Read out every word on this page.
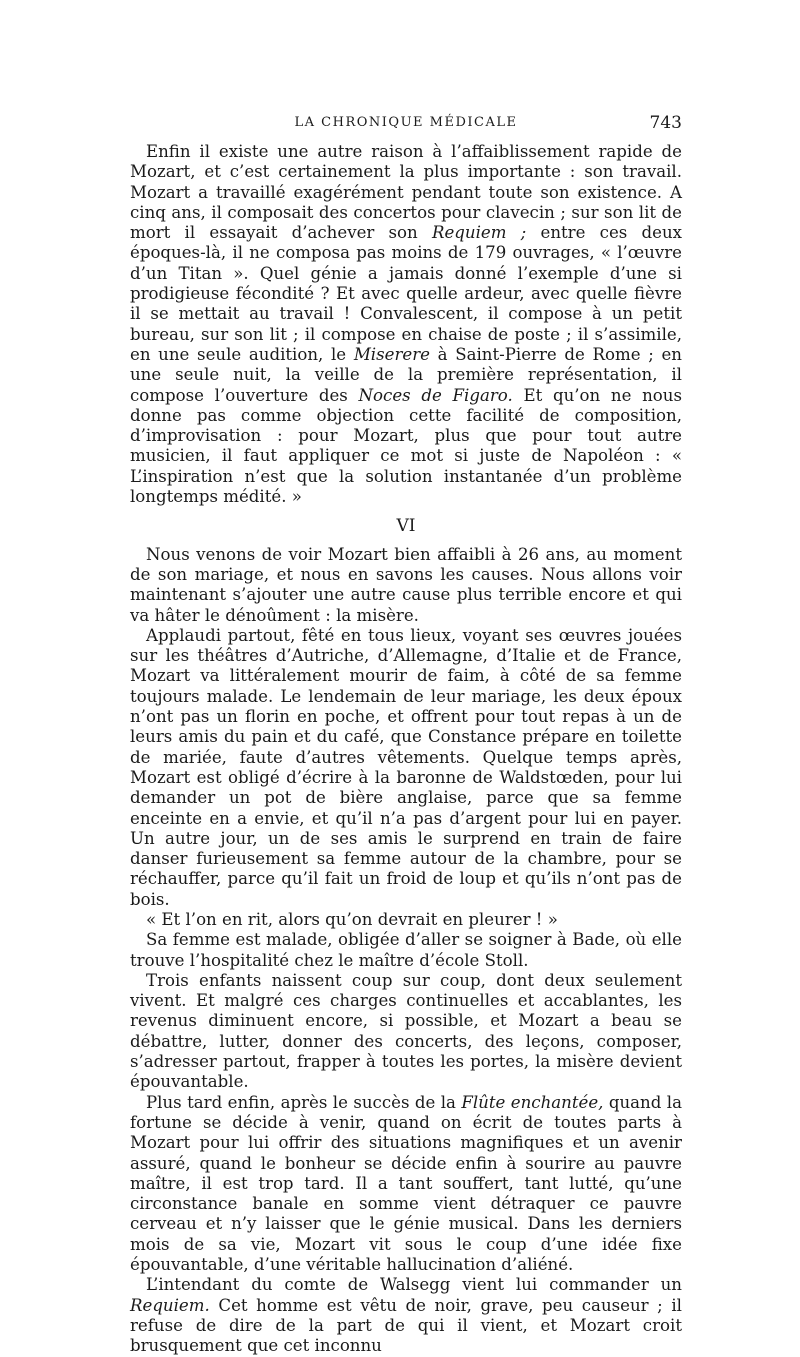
LA CHRONIQUE MÉDICALE	743

Enfin il existe une autre raison à l’affaiblissement rapide de Mozart, et c’est certainement la plus importante : son travail. Mozart a travaillé exagérément pendant toute son existence. A cinq ans, il composait des concertos pour clavecin ; sur son lit de mort il essayait d’achever son Requiem ; entre ces deux époques-là, il ne composa pas moins de 179 ouvrages, « l’œuvre d’un Titan ». Quel génie a jamais donné l’exemple d’une si prodigieuse fécondité ? Et avec quelle ardeur, avec quelle fièvre il se mettait au travail ! Convalescent, il compose à un petit bureau, sur son lit ; il compose en chaise de poste ; il s’assimile, en une seule audition, le Miserere à Saint-Pierre de Rome ; en une seule nuit, la veille de la première représentation, il compose l’ouverture des Noces de Figaro. Et qu’on ne nous donne pas comme objection cette facilité de composition, d’improvisation : pour Mozart, plus que pour tout autre musicien, il faut appliquer ce mot si juste de Napoléon : « L’inspiration n’est que la solution instantanée d’un problème longtemps médité. »

VI

Nous venons de voir Mozart bien affaibli à 26 ans, au moment de son mariage, et nous en savons les causes. Nous allons voir maintenant s’ajouter une autre cause plus terrible encore et qui va hâter le dénoûment : la misère.

Applaudi partout, fêté en tous lieux, voyant ses œuvres jouées sur les théâtres d’Autriche, d’Allemagne, d’Italie et de France, Mozart va littéralement mourir de faim, à côté de sa femme toujours malade. Le lendemain de leur mariage, les deux époux n’ont pas un florin en poche, et offrent pour tout repas à un de leurs amis du pain et du café, que Constance prépare en toilette de mariée, faute d’autres vêtements. Quelque temps après, Mozart est obligé d’écrire à la baronne de Waldstœden, pour lui demander un pot de bière anglaise, parce que sa femme enceinte en a envie, et qu’il n’a pas d’argent pour lui en payer. Un autre jour, un de ses amis le surprend en train de faire danser furieusement sa femme autour de la chambre, pour se réchauffer, parce qu’il fait un froid de loup et qu’ils n’ont pas de bois.

« Et l’on en rit, alors qu’on devrait en pleurer ! »

Sa femme est malade, obligée d’aller se soigner à Bade, où elle trouve l’hospitalité chez le maître d’école Stoll.

Trois enfants naissent coup sur coup, dont deux seulement vivent. Et malgré ces charges continuelles et accablantes, les revenus diminuent encore, si possible, et Mozart a beau se débattre, lutter, donner des concerts, des leçons, composer, s’adresser partout, frapper à toutes les portes, la misère devient épouvantable.

Plus tard enfin, après le succès de la Flûte enchantée, quand la fortune se décide à venir, quand on écrit de toutes parts à Mozart pour lui offrir des situations magnifiques et un avenir assuré, quand le bonheur se décide enfin à sourire au pauvre maître, il est trop tard. Il a tant souffert, tant lutté, qu’une circonstance banale en somme vient détraquer ce pauvre cerveau et n’y laisser que le génie musical. Dans les derniers mois de sa vie, Mozart vit sous le coup d’une idée fixe épouvantable, d’une véritable hallucination d’aliéné.

L’intendant du comte de Walsegg vient lui commander un Requiem. Cet homme est vêtu de noir, grave, peu causeur ; il refuse de dire de la part de qui il vient, et Mozart croit brusquement que cet inconnu
